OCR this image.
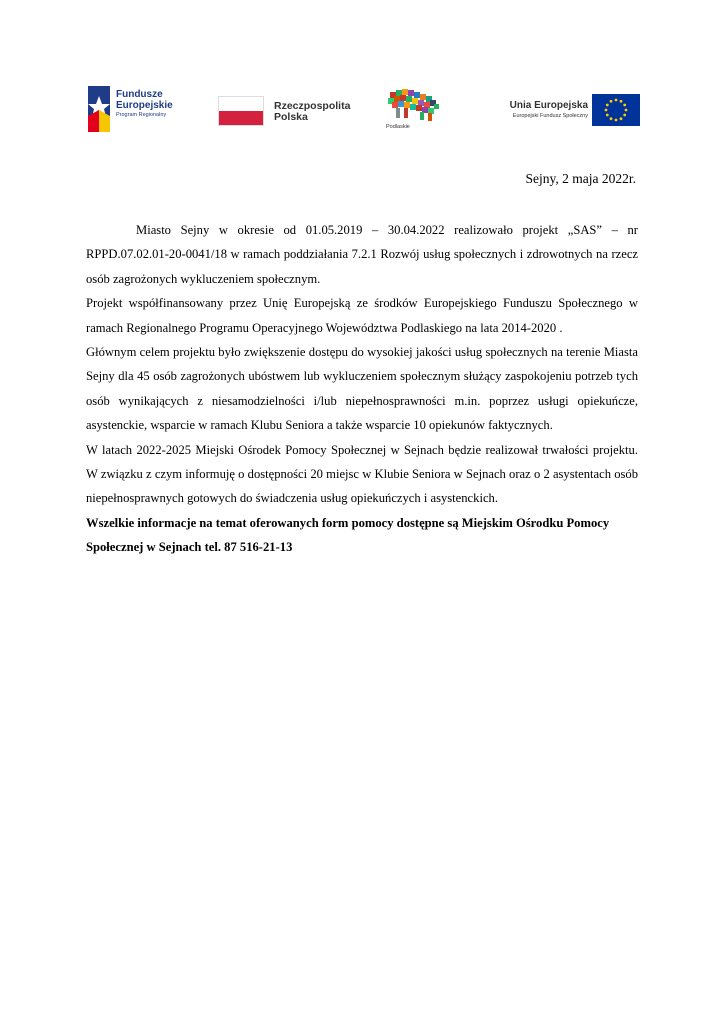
Fundusze
Europejskie
Program Regionalny
Rzeczpospolita
Polska
Podlaskie
Unia Europejska
Europejski Fundusz Społeczny
Sejny, 2 maja 2022r.

Miasto Sejny w okresie od 01.05.2019 – 30.04.2022 realizowało projekt „SAS” – nr RPPD.07.02.01-20-0041/18 w ramach poddziałania 7.2.1 Rozwój usług społecznych i zdrowotnych na rzecz osób zagrożonych wykluczeniem społecznym.

Projekt współfinansowany przez Unię Europejską ze środków Europejskiego Funduszu Społecznego w ramach Regionalnego Programu Operacyjnego Województwa Podlaskiego na lata 2014-2020 .

Głównym celem projektu było zwiększenie dostępu do wysokiej jakości usług społecznych na terenie Miasta Sejny dla 45 osób zagrożonych ubóstwem lub wykluczeniem społecznym służący zaspokojeniu potrzeb tych osób wynikających z niesamodzielności i/lub niepełnosprawności m.in. poprzez usługi opiekuńcze, asystenckie, wsparcie w ramach Klubu Seniora a także wsparcie 10 opiekunów faktycznych.

W latach 2022-2025 Miejski Ośrodek Pomocy Społecznej w Sejnach będzie realizował trwałości projektu. W związku z czym informuję o dostępności 20 miejsc w Klubie Seniora w Sejnach oraz o 2 asystentach osób niepełnosprawnych gotowych do świadczenia usług opiekuńczych i asystenckich.

Wszelkie informacje na temat oferowanych form pomocy dostępne są Miejskim Ośrodku Pomocy Społecznej w Sejnach tel. 87 516-21-13
